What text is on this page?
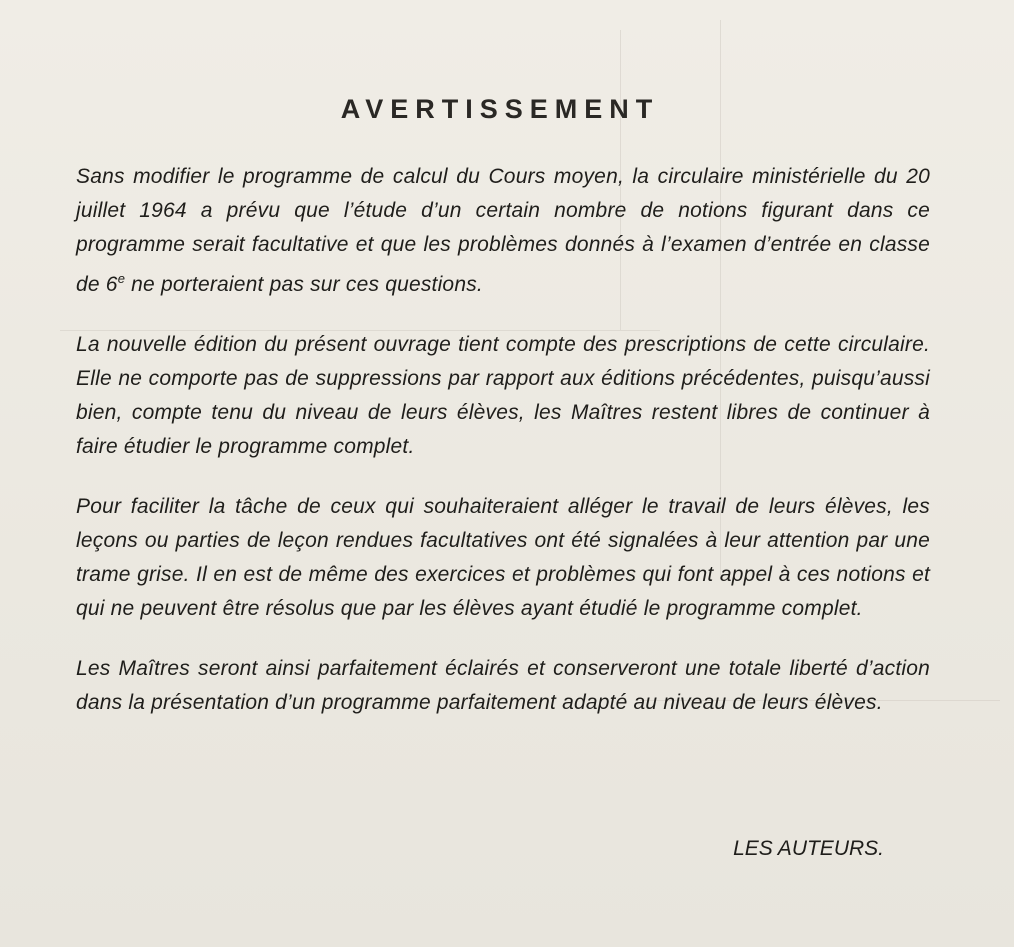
AVERTISSEMENT

Sans modifier le programme de calcul du Cours moyen, la circulaire ministérielle du 20 juillet 1964 a prévu que l’étude d’un certain nombre de notions figurant dans ce programme serait facultative et que les problèmes donnés à l’examen d’entrée en classe de 6e ne porteraient pas sur ces questions.

La nouvelle édition du présent ouvrage tient compte des prescriptions de cette circulaire. Elle ne comporte pas de suppressions par rapport aux éditions précédentes, puisqu’aussi bien, compte tenu du niveau de leurs élèves, les Maîtres restent libres de continuer à faire étudier le programme complet.

Pour faciliter la tâche de ceux qui souhaiteraient alléger le travail de leurs élèves, les leçons ou parties de leçon rendues facultatives ont été signalées à leur attention par une trame grise. Il en est de même des exercices et problèmes qui font appel à ces notions et qui ne peuvent être résolus que par les élèves ayant étudié le programme complet.

Les Maîtres seront ainsi parfaitement éclairés et conserveront une totale liberté d’action dans la présentation d’un programme parfaitement adapté au niveau de leurs élèves.

LES AUTEURS.
